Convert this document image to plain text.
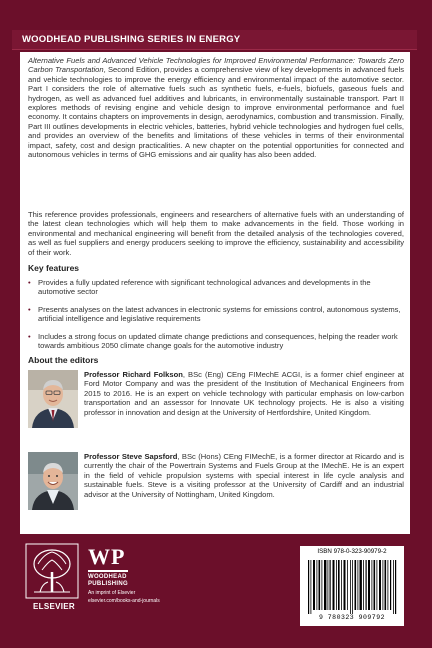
WOODHEAD PUBLISHING SERIES IN ENERGY

Alternative Fuels and Advanced Vehicle Technologies for Improved Environmental Performance: Towards Zero Carbon Transportation, Second Edition, provides a comprehensive view of key developments in advanced fuels and vehicle technologies to improve the energy efficiency and environmental impact of the automotive sector. Part I considers the role of alternative fuels such as synthetic fuels, e-fuels, biofuels, gaseous fuels and hydrogen, as well as advanced fuel additives and lubricants, in environmentally sustainable transport. Part II explores methods of revising engine and vehicle design to improve environmental performance and fuel economy. It contains chapters on improvements in design, aerodynamics, combustion and transmission. Finally, Part III outlines developments in electric vehicles, batteries, hybrid vehicle technologies and hydrogen fuel cells, and provides an overview of the benefits and limitations of these vehicles in terms of their environmental impact, safety, cost and design practicalities. A new chapter on the potential opportunities for connected and autonomous vehicles in terms of GHG emissions and air quality has also been added.

This reference provides professionals, engineers and researchers of alternative fuels with an understanding of the latest clean technologies which will help them to make advancements in the field. Those working in environmental and mechanical engineering will benefit from the detailed analysis of the technologies covered, as well as fuel suppliers and energy producers seeking to improve the efficiency, sustainability and accessibility of their work.

Key features
• Provides a fully updated reference with significant technological advances and developments in the automotive sector
• Presents analyses on the latest advances in electronic systems for emissions control, autonomous systems, artificial intelligence and legislative requirements
• Includes a strong focus on updated climate change predictions and consequences, helping the reader work towards ambitious 2050 climate change goals for the automotive industry
About the editors

Professor Richard Folkson, BSc (Eng) CEng FIMechE ACGI, is a former chief engineer at Ford Motor Company and was the president of the Institution of Mechanical Engineers from 2015 to 2016. He is an expert on vehicle technology with particular emphasis on low-carbon transportation and an assessor for Innovate UK technology projects. He is also a visiting professor in innovation and design at the University of Hertfordshire, United Kingdom.

Professor Steve Sapsford, BSc (Hons) CEng FIMechE, is a former director at Ricardo and is currently the chair of the Powertrain Systems and Fuels Group at the IMechE. He is an expert in the field of vehicle propulsion systems with special interest in life cycle analysis and sustainable fuels. Steve is a visiting professor at the University of Cardiff and an industrial advisor at the University of Nottingham, United Kingdom.

ELSEVIER
WP
WOODHEAD
PUBLISHING
An imprint of Elsevier
elsevier.com/books-and-journals
ISBN 978-0-323-90979-2
9 780323 909792
